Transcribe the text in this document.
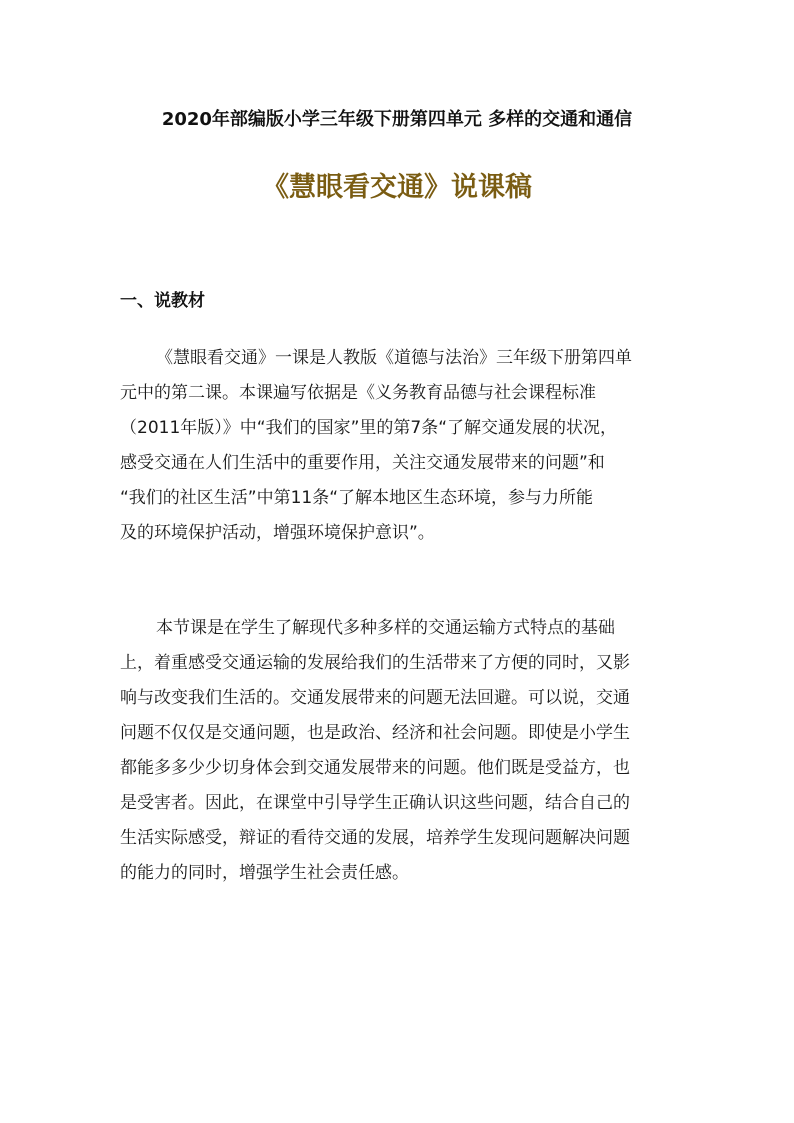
2020年部编版小学三年级下册第四单元 多样的交通和通信
《慧眼看交通》说课稿
一、说教材

《慧眼看交通》一课是人教版《道德与法治》三年级下册第四单
元中的第二课。本课遍写依据是《义务教育品德与社会课程标准
（2011年版）》中“我们的国家”里的第7条“了解交通发展的状况，
感受交通在人们生活中的重要作用，关注交通发展带来的问题”和
“我们的社区生活”中第11条“了解本地区生态环境，参与力所能
及的环境保护活动，增强环境保护意识”。

本节课是在学生了解现代多种多样的交通运输方式特点的基础
上，着重感受交通运输的发展给我们的生活带来了方便的同时，又影
响与改变我们生活的。交通发展带来的问题无法回避。可以说，交通
问题不仅仅是交通问题，也是政治、经济和社会问题。即使是小学生
都能多多少少切身体会到交通发展带来的问题。他们既是受益方，也
是受害者。因此，在课堂中引导学生正确认识这些问题，结合自己的
生活实际感受，辩证的看待交通的发展，培养学生发现问题解决问题
的能力的同时，增强学生社会责任感。
